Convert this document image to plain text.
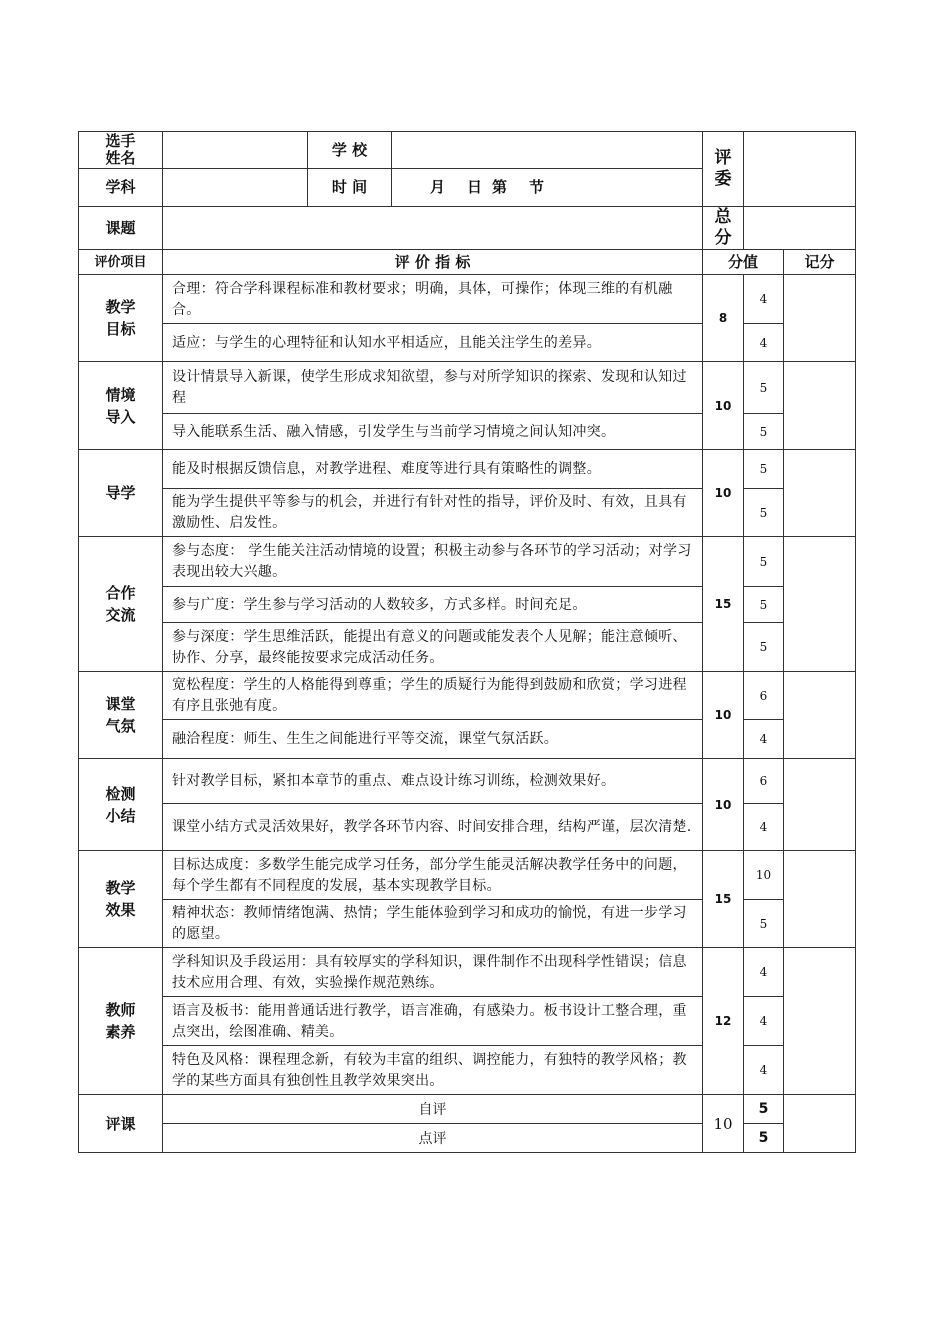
选手姓名		学 校		评委		
学科		时 间	月 日 第 节			
课题				总分		
评价项目	评 价 指 标			分值		记分
教学目标	合理：符合学科课程标准和教材要求；明确，具体，可操作；体现三维的有机融合。			8	4	
	适应：与学生的心理特征和认知水平相适应，且能关注学生的差异。				4	
情境导入	设计情景导入新课，使学生形成求知欲望，参与对所学知识的探索、发现和认知过程			10	5	
	导入能联系生活、融入情感，引发学生与当前学习情境之间认知冲突。				5	
导学	能及时根据反馈信息，对教学进程、难度等进行具有策略性的调整。			10	5	
	能为学生提供平等参与的机会，并进行有针对性的指导，评价及时、有效，且具有激励性、启发性。				5	
合作交流	参与态度： 学生能关注活动情境的设置；积极主动参与各环节的学习活动；对学习表现出较大兴趣。			15	5	
	参与广度：学生参与学习活动的人数较多，方式多样。时间充足。				5	
	参与深度：学生思维活跃，能提出有意义的问题或能发表个人见解；能注意倾听、协作、分享，最终能按要求完成活动任务。				5	
课堂气氛	宽松程度：学生的人格能得到尊重；学生的质疑行为能得到鼓励和欣赏；学习进程有序且张弛有度。			10	6	
	融洽程度：师生、生生之间能进行平等交流，课堂气氛活跃。				4	
检测小结	针对教学目标，紧扣本章节的重点、难点设计练习训练，检测效果好。			10	6	
	课堂小结方式灵活效果好，教学各环节内容、时间安排合理，结构严谨，层次清楚.				4	
教学效果	目标达成度：多数学生能完成学习任务，部分学生能灵活解决教学任务中的问题，每个学生都有不同程度的发展，基本实现教学目标。			15	10	
	精神状态：教师情绪饱满、热情；学生能体验到学习和成功的愉悦，有进一步学习的愿望。				5	
教师素养	学科知识及手段运用：具有较厚实的学科知识，课件制作不出现科学性错误；信息技术应用合理、有效，实验操作规范熟练。			12	4	
	语言及板书：能用普通话进行教学，语言准确，有感染力。板书设计工整合理，重点突出，绘图准确、精美。				4	
	特色及风格：课程理念新，有较为丰富的组织、调控能力，有独特的教学风格；教学的某些方面具有独创性且教学效果突出。				4	
评课	自评			10	5	
	点评				5	
